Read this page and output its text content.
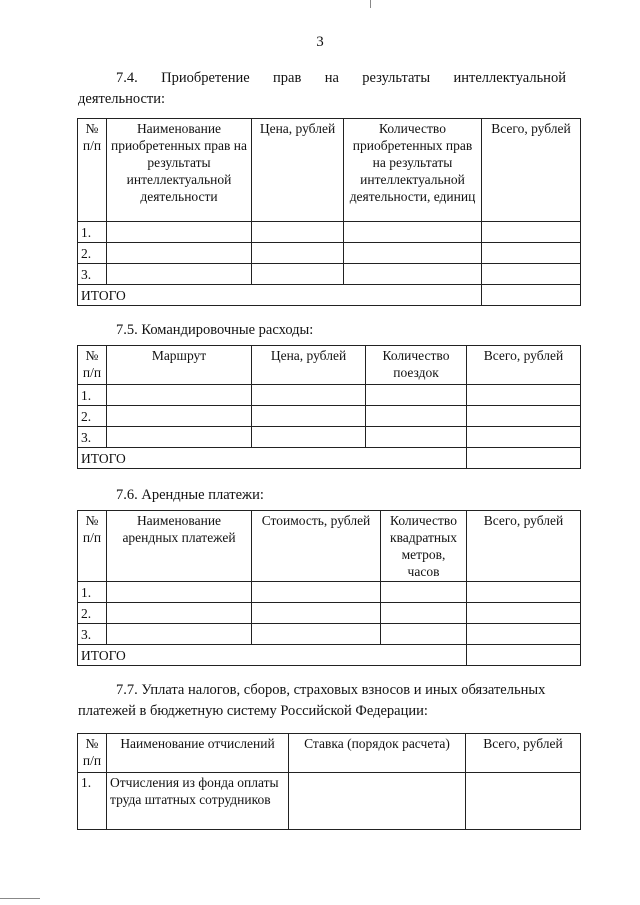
3
7.4. Приобретение прав на результаты интеллектуальной
деятельности:
№ п/п	Наименование приобретенных прав на результаты интеллектуальной деятельности	Цена, рублей	Количество приобретенных прав на результаты интеллектуальной деятельности, единиц	Всего, рублей
1.				
2.				
3.				
ИТОГО				
7.5. Командировочные расходы:
№ п/п	Маршрут	Цена, рублей	Количество поездок	Всего, рублей
1.				
2.				
3.				
ИТОГО				
7.6. Арендные платежи:
№ п/п	Наименование арендных платежей	Стоимость, рублей	Количество квадратных метров, часов	Всего, рублей
1.				
2.				
3.				
ИТОГО				
7.7. Уплата налогов, сборов, страховых взносов и иных обязательных
платежей в бюджетную систему Российской Федерации:
№ п/п	Наименование отчислений	Ставка (порядок расчета)	Всего, рублей
1.	Отчисления из фонда оплаты труда штатных сотрудников		
